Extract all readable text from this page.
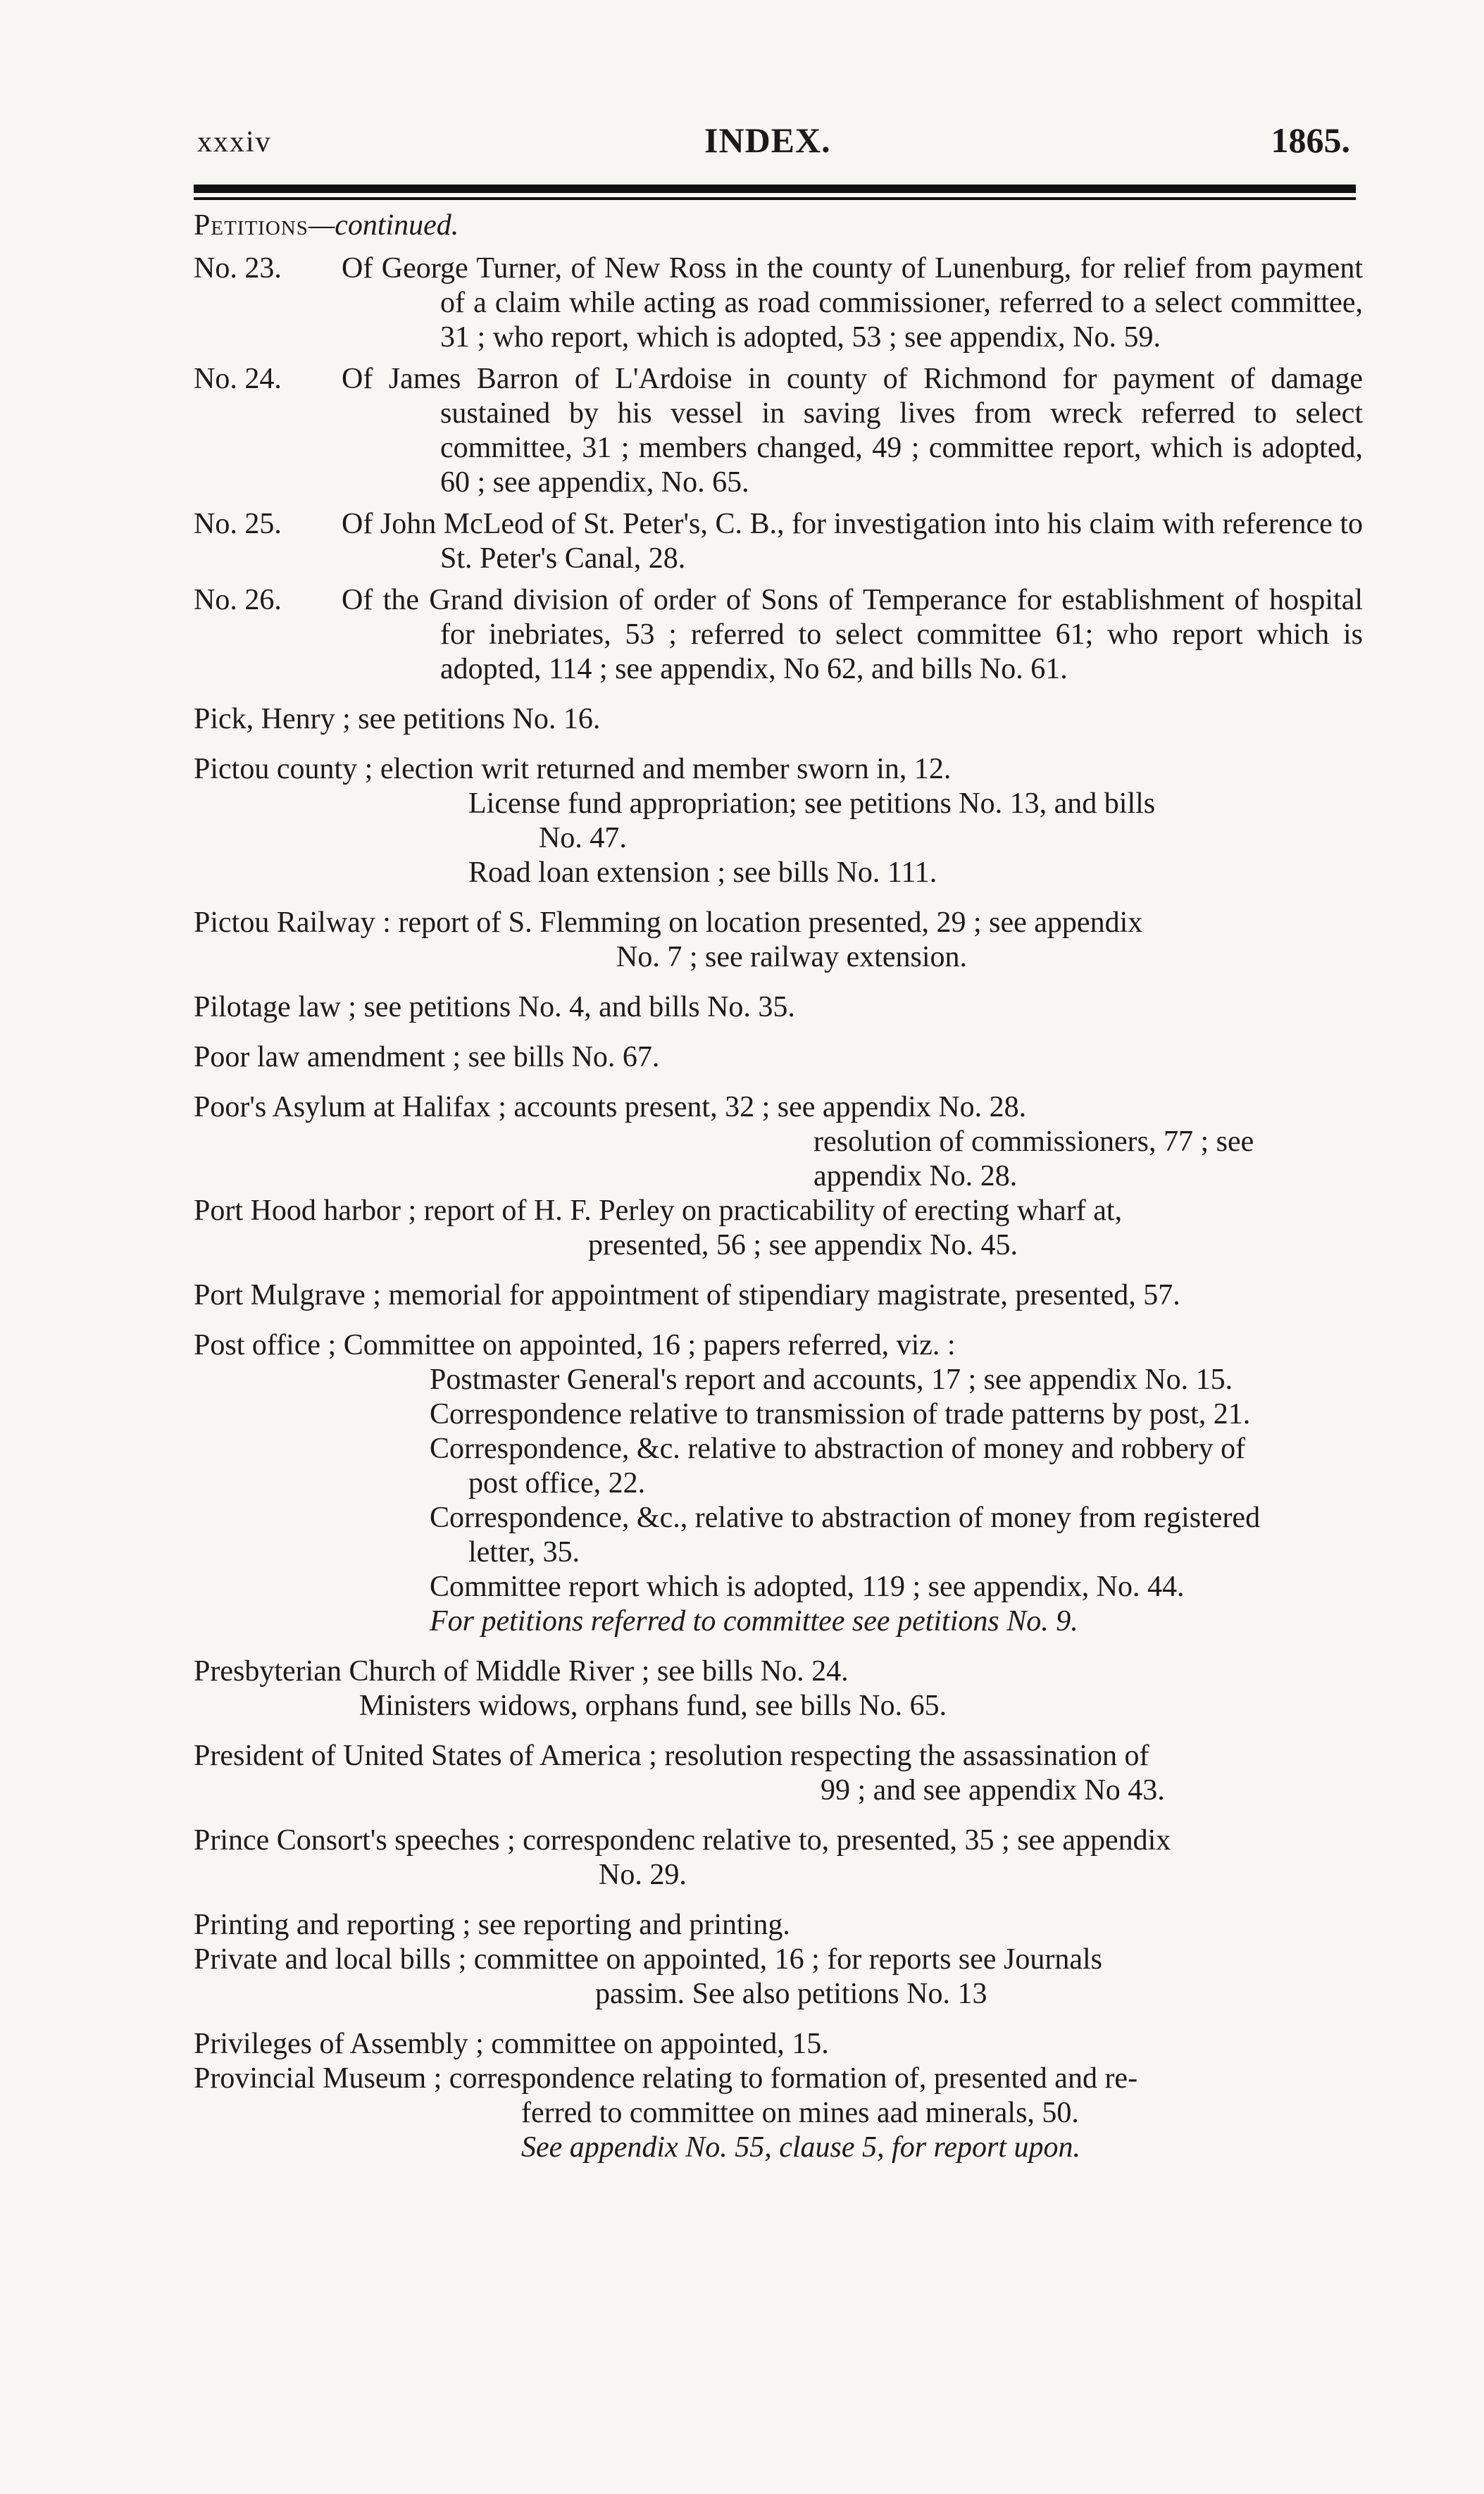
xxxiv	INDEX.	1865.
Petitions—continued.
No. 23.	Of George Turner, of New Ross in the county of Lunenburg, for relief from payment of a claim while acting as road commissioner, referred to a select committee, 31 ; who report, which is adopted, 53 ; see appendix, No. 59.
No. 24.	Of James Barron of L'Ardoise in county of Richmond for payment of damage sustained by his vessel in saving lives from wreck referred to select committee, 31 ; members changed, 49 ; committee report, which is adopted, 60 ; see appendix, No. 65.
No. 25.	Of John McLeod of St. Peter's, C. B., for investigation into his claim with reference to St. Peter's Canal, 28.
No. 26.	Of the Grand division of order of Sons of Temperance for establishment of hospital for inebriates, 53 ; referred to select committee 61; who report which is adopted, 114 ; see appendix, No 62, and bills No. 61.
Pick, Henry ; see petitions No. 16.
Pictou county ; election writ returned and member sworn in, 12.
License fund appropriation; see petitions No. 13, and bills
No. 47.
Road loan extension ; see bills No. 111.
Pictou Railway : report of S. Flemming on location presented, 29 ; see appendix
No. 7 ; see railway extension.
Pilotage law ; see petitions No. 4, and bills No. 35.
Poor law amendment ; see bills No. 67.
Poor's Asylum at Halifax ; accounts present, 32 ; see appendix No. 28.
resolution of commissioners, 77 ; see appendix No. 28.
Port Hood harbor ; report of H. F. Perley on practicability of erecting wharf at,
presented, 56 ; see appendix No. 45.
Port Mulgrave ; memorial for appointment of stipendiary magistrate, presented, 57.
Post office ; Committee on appointed, 16 ; papers referred, viz. :
Postmaster General's report and accounts, 17 ; see appendix No. 15.
Correspondence relative to transmission of trade patterns by post, 21.
Correspondence, &c. relative to abstraction of money and robbery of
post office, 22.
Correspondence, &c., relative to abstraction of money from registered
letter, 35.
Committee report which is adopted, 119 ; see appendix, No. 44.
For petitions referred to committee see petitions No. 9.
Presbyterian Church of Middle River ; see bills No. 24.
Ministers widows, orphans fund, see bills No. 65.
President of United States of America ; resolution respecting the assassination of
99 ; and see appendix No 43.
Prince Consort's speeches ; correspondenc relative to, presented, 35 ; see appendix
No. 29.
Printing and reporting ; see reporting and printing.
Private and local bills ; committee on appointed, 16 ; for reports see Journals
passim. See also petitions No. 13
Privileges of Assembly ; committee on appointed, 15.
Provincial Museum ; correspondence relating to formation of, presented and re-
ferred to committee on mines aad minerals, 50.
See appendix No. 55, clause 5, for report upon.
